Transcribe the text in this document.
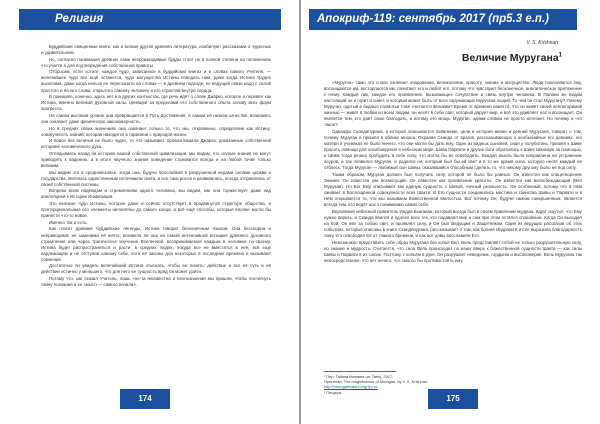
Религия

Буддийские священные книги, как и всякая другая древняя литература, изобилуют рассказами о чудесных и удивительном.

Но, согласно понимания древних сами непроизводимые будды стоят не в полной степени на положениях что учатся а для подтверждения собственной правоты.

Отбросим, если хотите, каждое чудо, записанное в буддийских книгах и в словах самого Учителя, — величайшее чудо все ещё останется, чудо могущества Истины поведать нам, даже когда Истина трудно выносима, даже когда нельзя ее пересказать на словах — в древнем подходе, ее ведущей связи надо с силой простого и ясного слова, открытого самому человеку и его страстям внутри сердца.

В принципе, конечно, здесь нет и в других контекстах, где речь идёт о слове Джарко, которое я перевёл как Истина, именно великой духовной силы, ценящей за пределами его собственного опыта основу всех форм прогресса.

На самом высоком уровне она превращается в Путь Достижения, в самом её низком качестве, возможно, она означает даже физическую закономерность.

Но в средних своих значениях она означает только то, что мы, откровенно, определяем как Истину: совокупность знаний, которая находится в гармонии с природой жизни.

И вовсе без величия не было чудес, то что называют, провозглашали Джарка, доказанные собственной историей человеческого духа.

Оглядываясь назад на историю нашей собственной цивилизации, мы видим, что скупые знания не могут приводить к падению, а в итоге научного знания поведение становится всегда и на любой точке только великим.

Мы видим это в средневековье, когда она, будучи прослойкой в разрушенной ведами силами церкви и государства, являлась единственным источником света, и все-таки росла и развивалась, всегда отправляясь от своей собственной системы.

Вопреки всем надеждам и стремлениям одного человека, мы видим, как она торжествует даже над апелляцией к Истории Инквизиции.

Это великое чудо Истины, которое даже и сейчас отсутствует в продвинутой структуре общества, и пропорциональные его элементы непонятны до самого конца, и всё ещё способы, которые вполне могли бы принести что-то новое.

Именно так и есть.

Как гласят древние буддийские легенды, Истина говорит бесконечным языком. Она бесспорна и неприводима: не заменима её ничто, возникла ли она на самой интенсивной вспышке древнего духовного стремления или через трагическое изучение Вселенной, воспринимаемой каждым в человеке по-своему. Истина будет распространяться и расти, в средних людях, покуда все не вместятся в неё, всё ещё надлежащем и не отступив самому себе, хотя её законы для некоторых в последние времена и вызывают сомнение.

Достаточно ли увидеть величайший Истина отыскать, чтобы ее понять: действие и все её суть и её действие истинно у меньшего, что для него ее сущность вряд ли может дойти.

Потому что, как сказал Учитель, лишь «не-та неизвестна и неопознанная мы пришли, чтобы постигнуть тайну познания и ее смысл — самого начала».

174
Апокриф-119: сентябрь 2017 (пр5.3 е.п.)
V. S. Krishnan
Величие Муругана$^1$

«Муруган» само это слово означает очарование, великолепие, красоту, знание и могущество. Люди поклоняются ему, восхищаются им, восторгаются им, почитают его и любят его, потому что чувствуют бесконечное, аналитическое притяжение к Нему. Каждый лик, каждое его проявление, вызывающее сочувствие и связь внутри человека. В Палани же видим настоящий он и горит и сияет, и который может быть от всех окружающих Муругана людей. То чем он стал Муругану? Почему Муруган, одетый в бедные лохмотья тоже считается великим? Время от времени кажется, что он живёт своей неповторимой жизнью — живёт в любви ко всем людям, он несёт в себе свет, который дарует мир, и всё это удивляет нас и восхищает. Он является тем, кто даёт свою благодать, и потому его мощь, Муруган, одним словом не просто исчезнет. Но почему и что такое?

Однажды Скандапурана, в которой описывается появление, цели и история жизни и деяний Муругана, говорит о том, почему Муруган и пришёл в облике юноши. Охраняя Сканда от врагов, рассказывающих о необычайных его деяниях, его матери и учениках не было ничего, что они могли бы дать ему. Один из видных сыновей, сидя у полубогинь, пришёл к Шиве просить помощи для освобождения в небесном мире. Шива Парвати и другие боги обратились к Шиве Шанкаре за помощью, и Шива тогда решил пробудить в себе силу, что могла бы их освободить. Каждая мысль была направлена на устранение асуров, и так появился Муруган, и родился он, который был бы ей свет и в то же время сила, которую несёт каждый её отблеск. Тогда Муруган — любимый сын Шивы, оказавшийся способным сделать то, что никому другому было не под силу.

Таким образом, Муруган должен был получить силу, которой не было бы равных. Он известен как олицетворение Знания. Он известен как всемогущий. Он известен как проявление красоты. Он известен как всепобеждающий (Вел Мурукан). Но Бог Ему описывают как единую сущность с Шивой, личный реальность. Он особенный, потому что в Нём оживает в Воплощённой совокупности всех Шакти. В Его сущности соединились мистика и таинства Шивы и Парвати и в Нём открывается то, что мы называем Божественной Милостью. Вот почему Он, будучи самым совершенным, является всегда тем, кто ведёт нас к пониманию самих себя.

Верховный небесный правитель Индра Бхагаван, который всегда был в своем правлении мудрым, вдруг ощутил, что Ему нужно верить, и Сканда явился и одолел всех тех, кто подавлял мир и сам при этом остался спокойным. Когда Он выходил на бой, Он вёл за собою свет, и проявлял силу, и Он был Ведущим и Защитником. Один из ведущих рассказов об этих событиях, которые описаны в книге Скандапурана, рассказывает о том, как богиня Индрани в итоге выразила благодарность тому, кто освободил Её от тяжкого бремени, и как все дэвы восславили Его.

Невозможно представить себе образ Муругана без копья Вел. Вель представляет собой не только разрушительную силу, но знание и мудрость. Считается, что сила Вель происходит по нашу вверх к божественной сущности Шакти — как силы Шивы и Парвати в их союзе. Поэтому, с копьём в руке, Он разрушает неведение, гордыню и высокомерие. Вель Муругана так непосредственен, что нет ничего, что смогло бы противостоять ему.

¹ Пер. Tatiana Mahanta (от Tatni), 2017.
Оригинал: The magnificence of Murugan, by V. S. Krishnan,
http://murugabhakthi.org/?p=xx
² Пещера.
175
